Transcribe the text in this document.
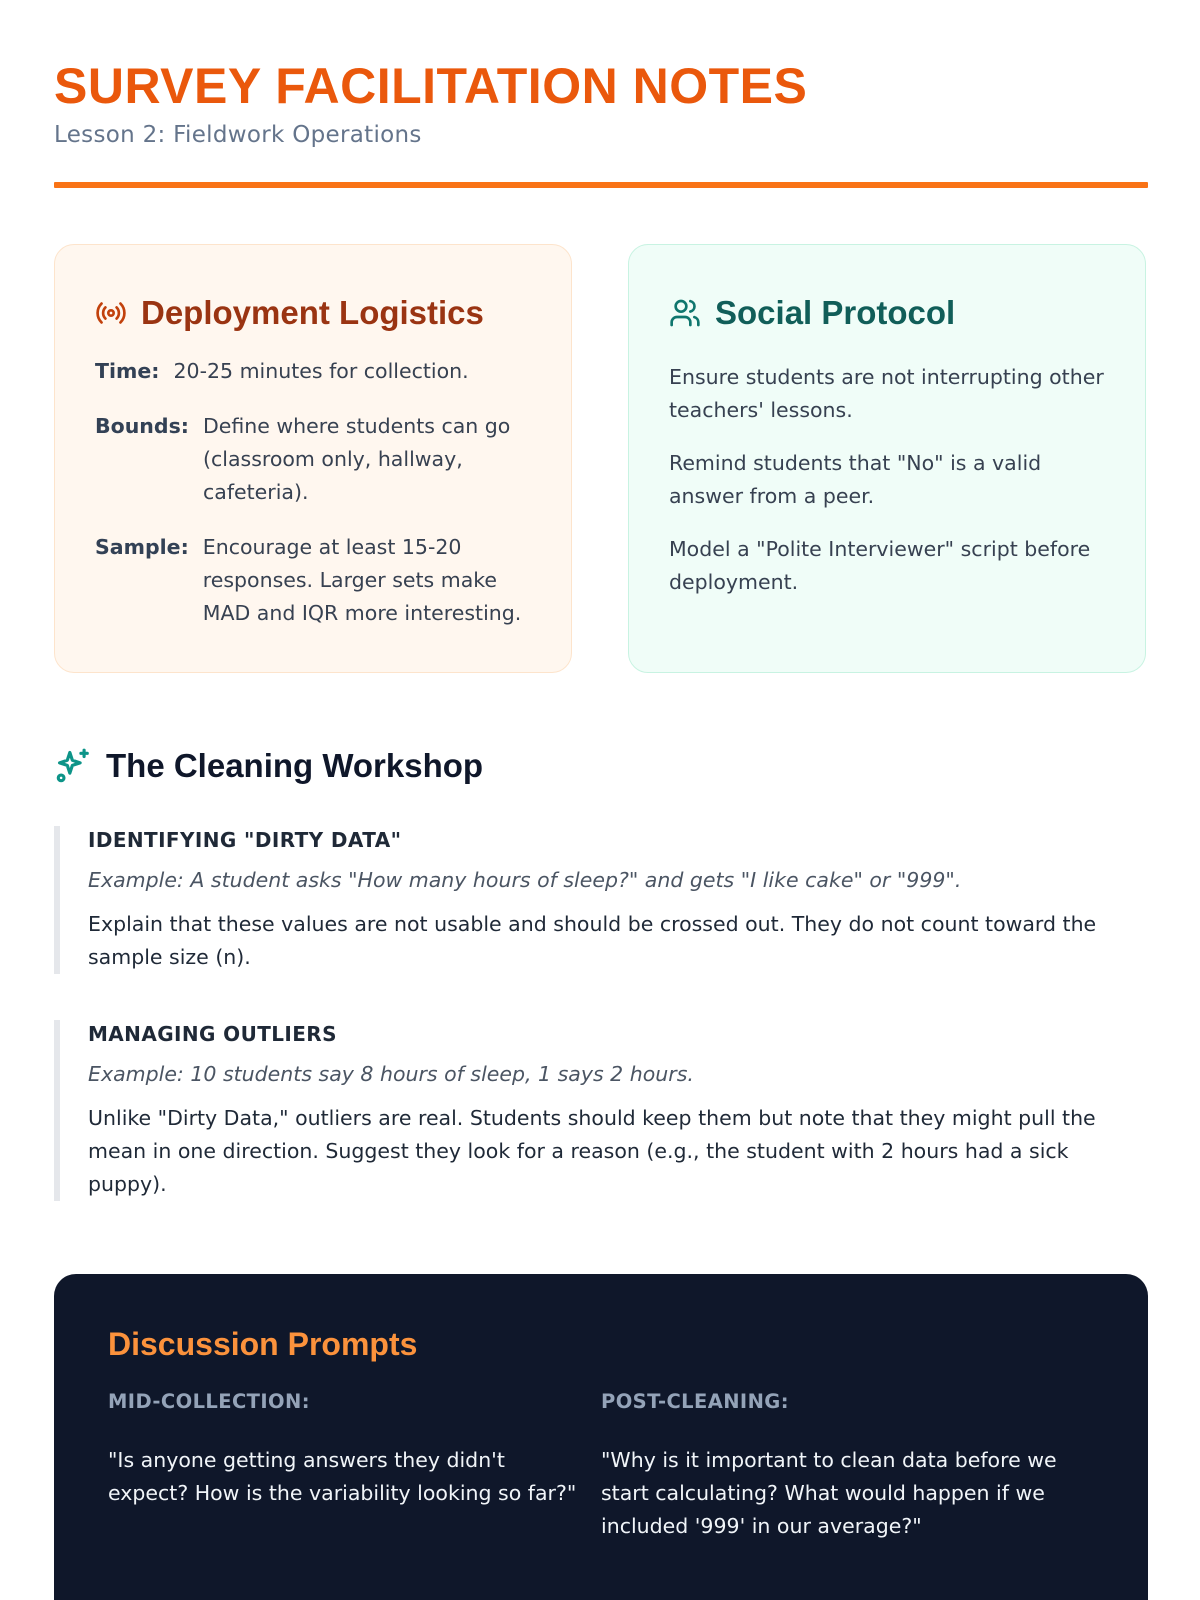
SURVEY FACILITATION NOTES
Lesson 2: Fieldwork Operations
Deployment Logistics
Time: 20-25 minutes for collection.
Bounds: Define where students can go (classroom only, hallway, cafeteria).
Sample: Encourage at least 15-20 responses. Larger sets make MAD and IQR more interesting.
Social Protocol

Ensure students are not interrupting other teachers' lessons.

Remind students that "No" is a valid answer from a peer.

Model a "Polite Interviewer" script before deployment.

The Cleaning Workshop
IDENTIFYING "DIRTY DATA"
Example: A student asks "How many hours of sleep?" and gets "I like cake" or "999".
Explain that these values are not usable and should be crossed out. They do not count toward the sample size (n).
MANAGING OUTLIERS
Example: 10 students say 8 hours of sleep, 1 says 2 hours.
Unlike "Dirty Data," outliers are real. Students should keep them but note that they might pull the mean in one direction. Suggest they look for a reason (e.g., the student with 2 hours had a sick puppy).
Discussion Prompts
MID-COLLECTION:
"Is anyone getting answers they didn't expect? How is the variability looking so far?"
POST-CLEANING:
"Why is it important to clean data before we start calculating? What would happen if we included '999' in our average?"
